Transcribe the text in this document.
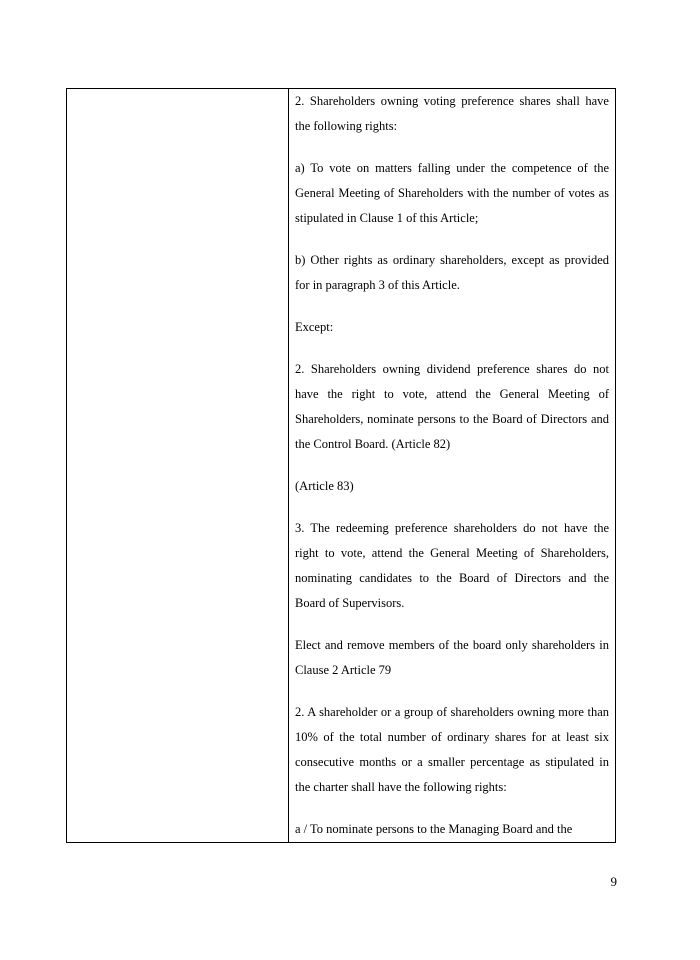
2. Shareholders owning voting preference shares shall have the following rights:

a) To vote on matters falling under the competence of the General Meeting of Shareholders with the number of votes as stipulated in Clause 1 of this Article;

b) Other rights as ordinary shareholders, except as provided for in paragraph 3 of this Article.

Except:

2. Shareholders owning dividend preference shares do not have the right to vote, attend the General Meeting of Shareholders, nominate persons to the Board of Directors and the Control Board. (Article 82)

(Article 83)

3. The redeeming preference shareholders do not have the right to vote, attend the General Meeting of Shareholders, nominating candidates to the Board of Directors and the Board of Supervisors.

Elect and remove members of the board only shareholders in Clause 2 Article 79

2. A shareholder or a group of shareholders owning more than 10% of the total number of ordinary shares for at least six consecutive months or a smaller percentage as stipulated in the charter shall have the following rights:

a / To nominate persons to the Managing Board and the

9
